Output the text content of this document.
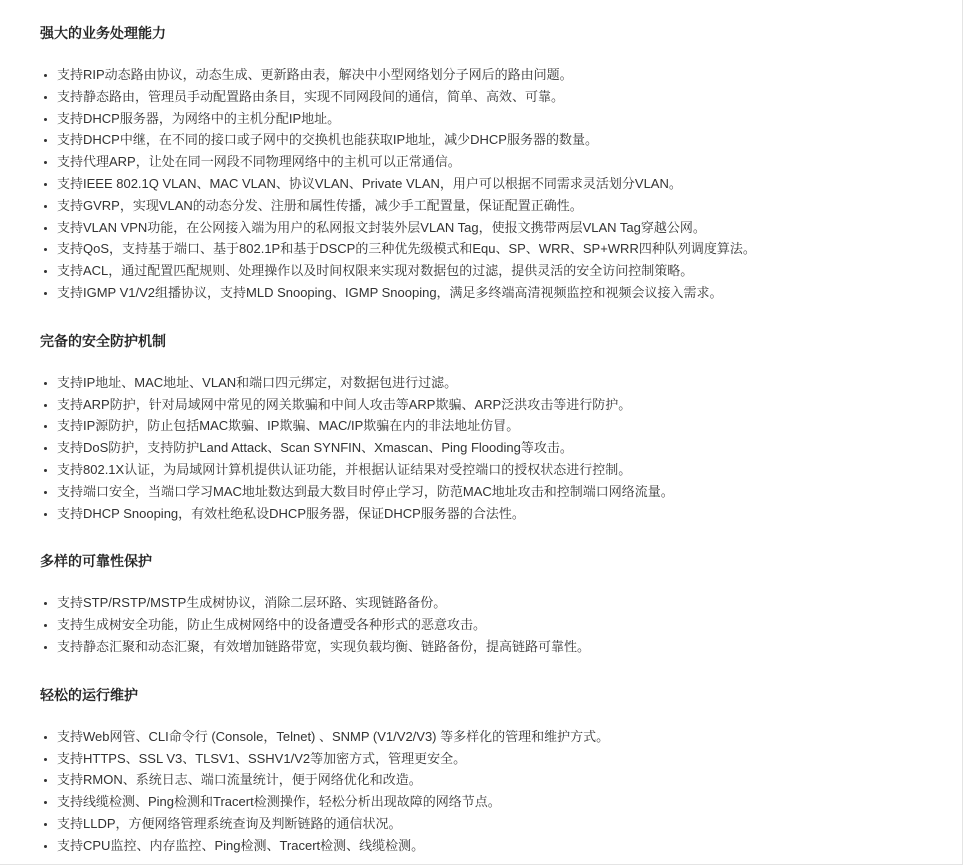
强大的业务处理能力
• 支持RIP动态路由协议，动态生成、更新路由表，解决中小型网络划分子网后的路由问题。
• 支持静态路由，管理员手动配置路由条目，实现不同网段间的通信，简单、高效、可靠。
• 支持DHCP服务器，为网络中的主机分配IP地址。
• 支持DHCP中继，在不同的接口或子网中的交换机也能获取IP地址，减少DHCP服务器的数量。
• 支持代理ARP，让处在同一网段不同物理网络中的主机可以正常通信。
• 支持IEEE 802.1Q VLAN、MAC VLAN、协议VLAN、Private VLAN，用户可以根据不同需求灵活划分VLAN。
• 支持GVRP，实现VLAN的动态分发、注册和属性传播，减少手工配置量，保证配置正确性。
• 支持VLAN VPN功能，在公网接入端为用户的私网报文封装外层VLAN Tag，使报文携带两层VLAN Tag穿越公网。
• 支持QoS，支持基于端口、基于802.1P和基于DSCP的三种优先级模式和Equ、SP、WRR、SP+WRR四种队列调度算法。
• 支持ACL，通过配置匹配规则、处理操作以及时间权限来实现对数据包的过滤，提供灵活的安全访问控制策略。
• 支持IGMP V1/V2组播协议，支持MLD Snooping、IGMP Snooping，满足多终端高清视频监控和视频会议接入需求。
完备的安全防护机制
• 支持IP地址、MAC地址、VLAN和端口四元绑定，对数据包进行过滤。
• 支持ARP防护，针对局域网中常见的网关欺骗和中间人攻击等ARP欺骗、ARP泛洪攻击等进行防护。
• 支持IP源防护，防止包括MAC欺骗、IP欺骗、MAC/IP欺骗在内的非法地址仿冒。
• 支持DoS防护，支持防护Land Attack、Scan SYNFIN、Xmascan、Ping Flooding等攻击。
• 支持802.1X认证，为局域网计算机提供认证功能，并根据认证结果对受控端口的授权状态进行控制。
• 支持端口安全，当端口学习MAC地址数达到最大数目时停止学习，防范MAC地址攻击和控制端口网络流量。
• 支持DHCP Snooping，有效杜绝私设DHCP服务器，保证DHCP服务器的合法性。
多样的可靠性保护
• 支持STP/RSTP/MSTP生成树协议，消除二层环路、实现链路备份。
• 支持生成树安全功能，防止生成树网络中的设备遭受各种形式的恶意攻击。
• 支持静态汇聚和动态汇聚，有效增加链路带宽，实现负载均衡、链路备份，提高链路可靠性。
轻松的运行维护
• 支持Web网管、CLI命令行 (Console，Telnet) 、SNMP (V1/V2/V3) 等多样化的管理和维护方式。
• 支持HTTPS、SSL V3、TLSV1、SSHV1/V2等加密方式，管理更安全。
• 支持RMON、系统日志、端口流量统计，便于网络优化和改造。
• 支持线缆检测、Ping检测和Tracert检测操作，轻松分析出现故障的网络节点。
• 支持LLDP，方便网络管理系统查询及判断链路的通信状况。
• 支持CPU监控、内存监控、Ping检测、Tracert检测、线缆检测。
